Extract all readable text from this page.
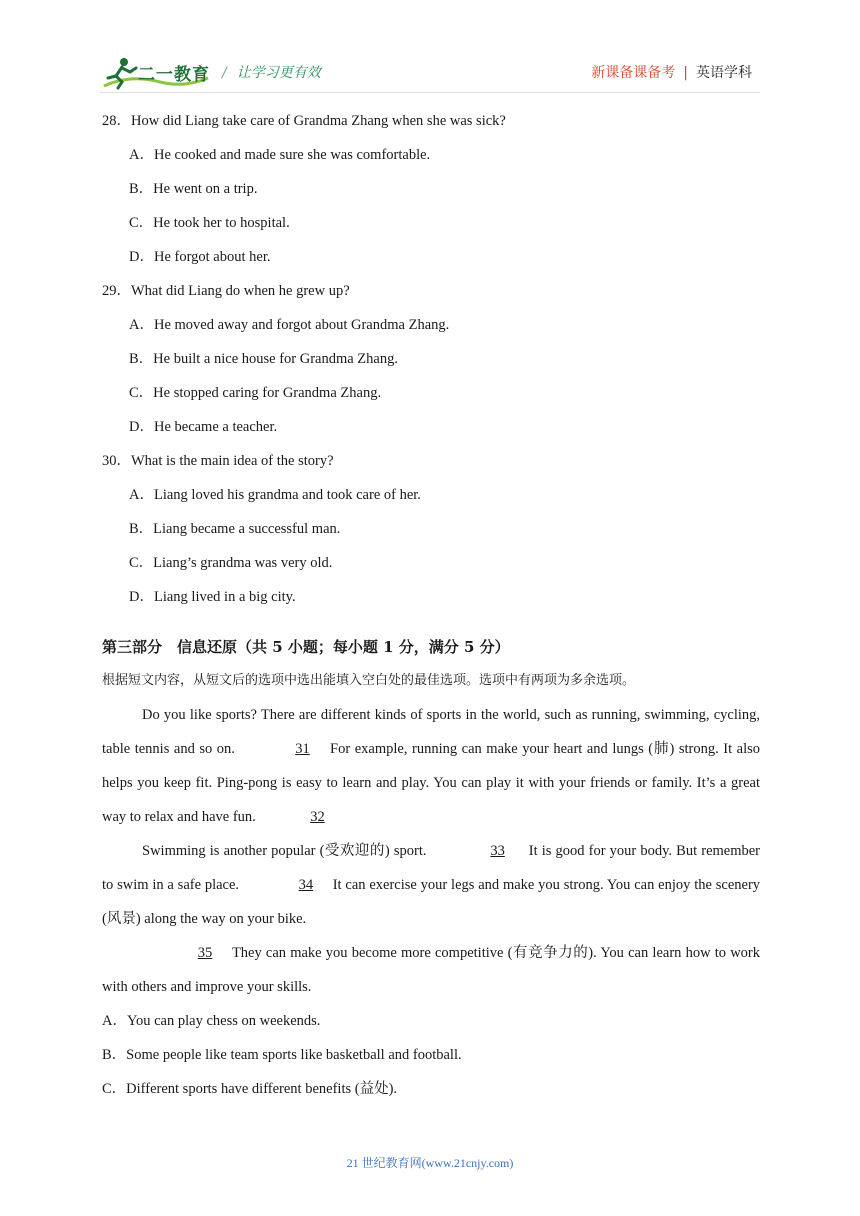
二一教育 / 让学习更有效	新课备课备考 | 英语学科
28．How did Liang take care of Grandma Zhang when she was sick?
A．He cooked and made sure she was comfortable.
B．He went on a trip.
C．He took her to hospital.
D．He forgot about her.
29．What did Liang do when he grew up?
A．He moved away and forgot about Grandma Zhang.
B．He built a nice house for Grandma Zhang.
C．He stopped caring for Grandma Zhang.
D．He became a teacher.
30．What is the main idea of the story?
A．Liang loved his grandma and took care of her.
B．Liang became a successful man.
C．Liang’s grandma was very old.
D．Liang lived in a big city.
第三部分　信息还原（共 5 小题；每小题 1 分，满分 5 分）
根据短文内容，从短文后的选项中选出能填入空白处的最佳选项。选项中有两项为多余选项。
Do you like sports? There are different kinds of sports in the world, such as running, swimming, cycling, table tennis and so on.	31 For example, running can make your heart and lungs (肺) strong. It also helps you keep fit. Ping-pong is easy to learn and play. You can play it with your friends or family. It’s a great way to relax and have fun.	32
Swimming is another popular (受欢迎的) sport.	33 It is good for your body. But remember to swim in a safe place.	34 It can exercise your legs and make you strong. You can enjoy the scenery (风景) along the way on your bike.
35 They can make you become more competitive (有竞争力的). You can learn how to work with others and improve your skills.
A．You can play chess on weekends.
B．Some people like team sports like basketball and football.
C．Different sports have different benefits (益处).
21 世纪教育网(www.21cnjy.com)
